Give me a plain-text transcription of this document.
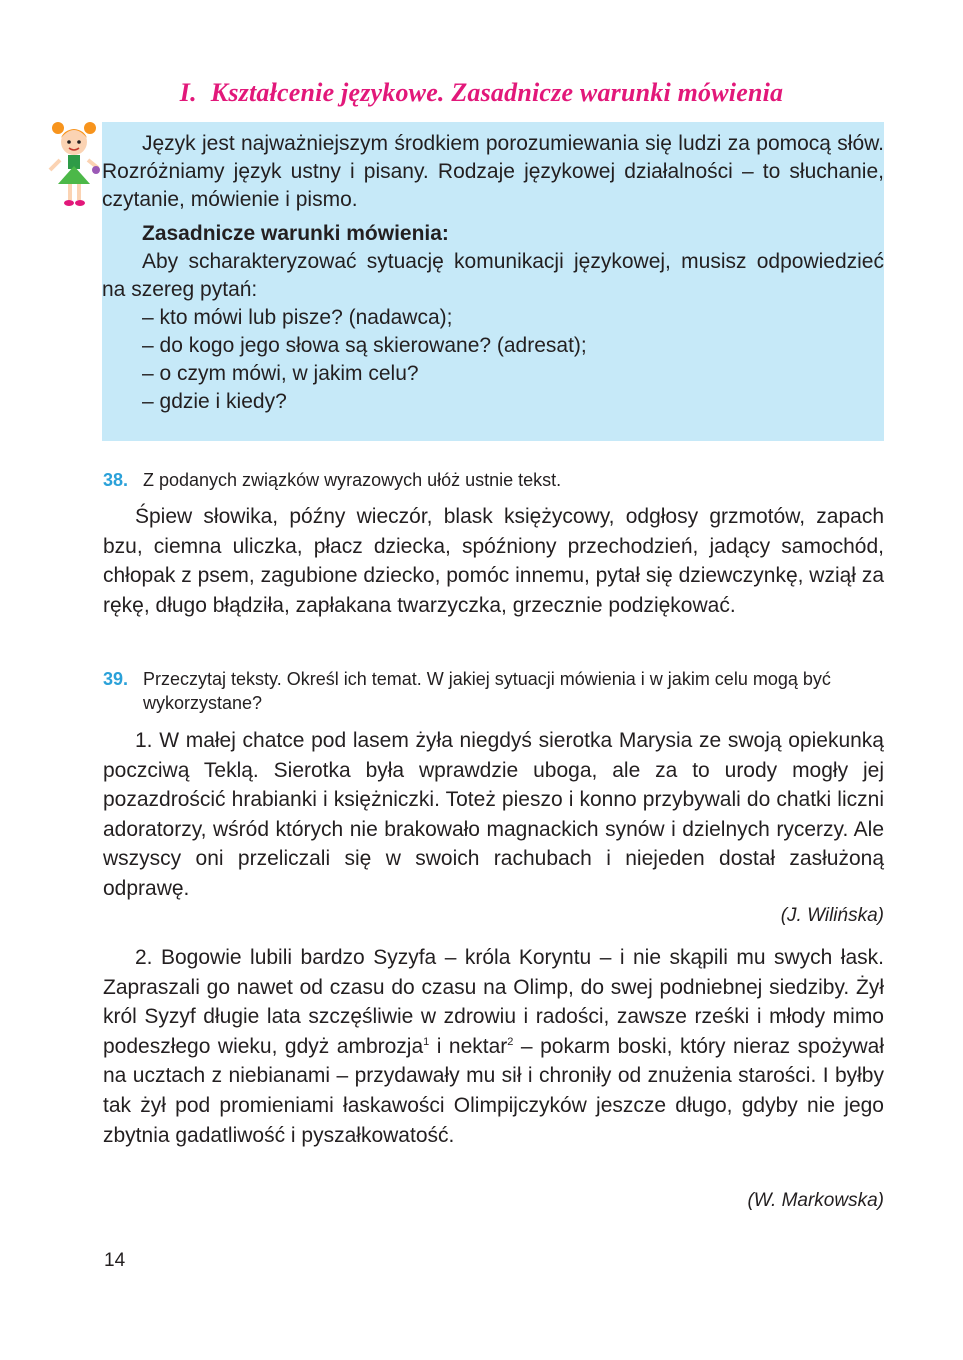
I. Kształcenie językowe. Zasadnicze warunki mówienia

Język jest najważniejszym środkiem porozumiewania się ludzi za pomocą słów. Rozróżniamy język ustny i pisany. Rodzaje językowej działalności – to słuchanie, czytanie, mówienie i pismo.

Zasadnicze warunki mówienia:

Aby scharakteryzować sytuację komunikacji językowej, musisz odpowiedzieć na szereg pytań:

– kto mówi lub pisze? (nadawca);
– do kogo jego słowa są skierowane? (adresat);
– o czym mówi, w jakim celu?
– gdzie i kiedy?
38. Z podanych związków wyrazowych ułóż ustnie tekst.

Śpiew słowika, późny wieczór, blask księżycowy, odgłosy grzmotów, zapach bzu, ciemna uliczka, płacz dziecka, spóźniony przechodzień, jadący samochód, chłopak z psem, zagubione dziecko, pomóc innemu, pytał się dziewczynkę, wziął za rękę, długo błądziła, zapłakana twarzyczka, grzecznie podziękować.

39. Przeczytaj teksty. Określ ich temat. W jakiej sytuacji mówienia i w jakim celu mogą być wykorzystane?

1. W małej chatce pod lasem żyła niegdyś sierotka Marysia ze swoją opiekunką poczciwą Teklą. Sierotka była wprawdzie uboga, ale za to urody mogły jej pozazdrościć hrabianki i księżniczki. Toteż pieszo i konno przybywali do chatki liczni adoratorzy, wśród których nie brakowało magnackich synów i dzielnych rycerzy. Ale wszyscy oni przeliczali się w swoich rachubach i niejeden dostał zasłużoną odprawę.

(J. Wilińska)

2. Bogowie lubili bardzo Syzyfa – króla Koryntu – i nie skąpili mu swych łask. Zapraszali go nawet od czasu do czasu na Olimp, do swej podniebnej siedziby. Żył król Syzyf długie lata szczęśliwie w zdrowiu i radości, zawsze rześki i młody mimo podeszłego wieku, gdyż ambrozja$^1$ i nektar$^2$ – pokarm boski, który nieraz spożywał na ucztach z niebianami – przydawały mu sił i chroniły od znużenia starości. I byłby tak żył pod promieniami łaskawości Olimpijczyków jeszcze długo, gdyby nie jego zbytnia gadatliwość i pyszałkowatość.

(W. Markowska)
14
